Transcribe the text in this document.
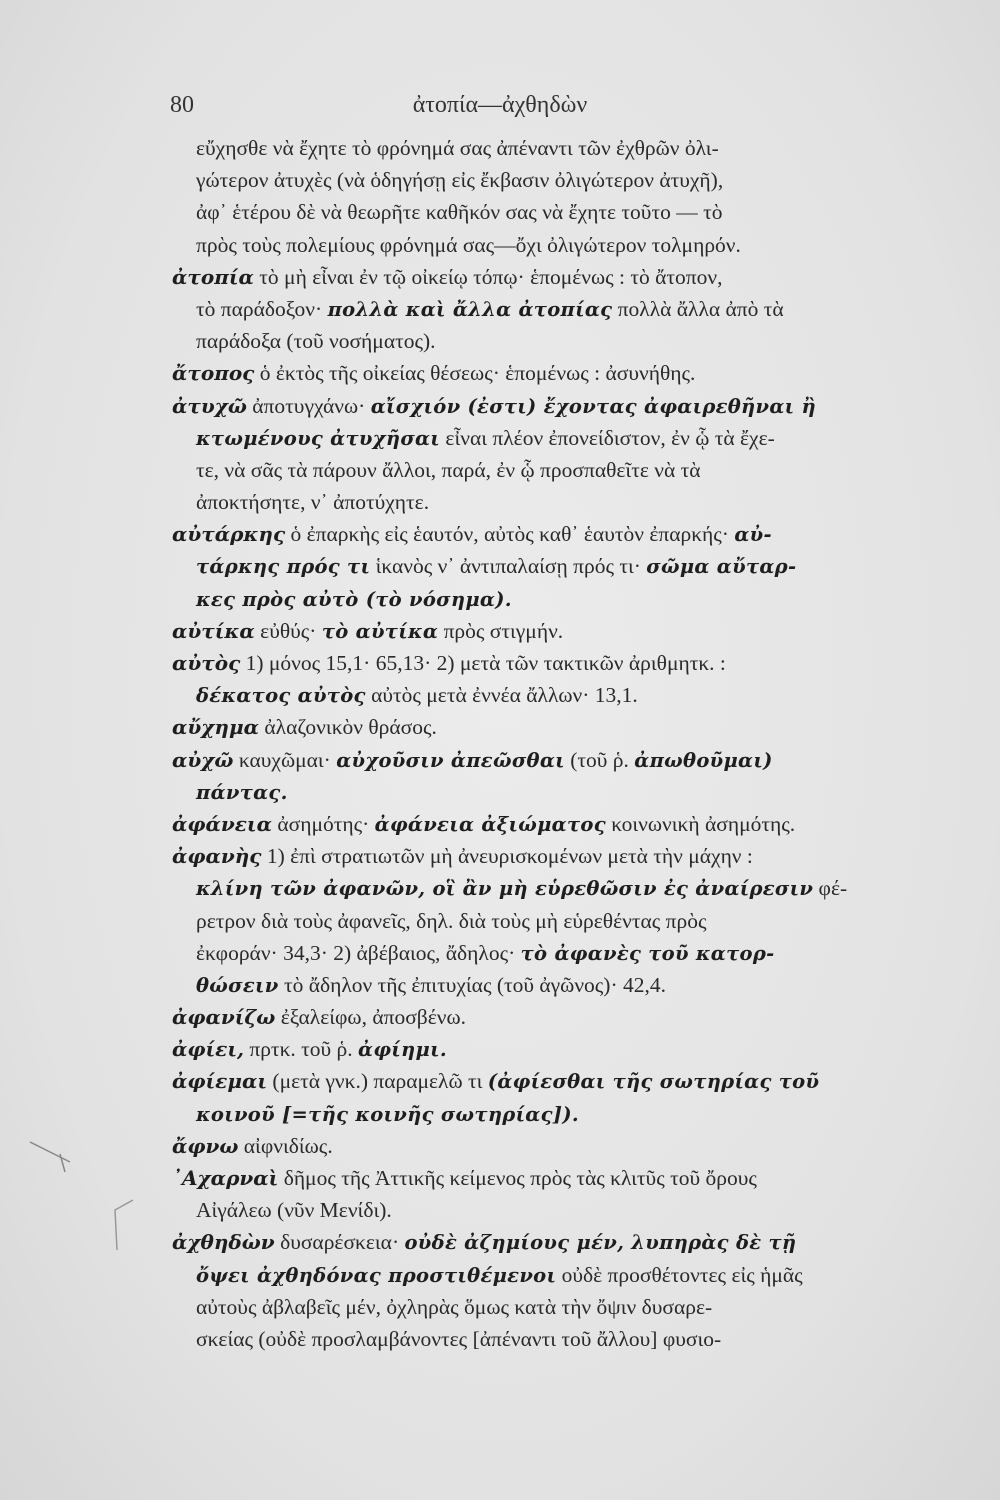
80	ἀτοπία—ἀχθηδὼν
εὔχησθε νὰ ἔχητε τὸ φρόνημά σας ἀπέναντι τῶν ἐχθρῶν ὀλι-
γώτερον ἀτυχὲς (νὰ ὁδηγήσῃ εἰς ἔκβασιν ὀλιγώτερον ἀτυχῆ),
ἀφ᾽ ἑτέρου δὲ νὰ θεωρῆτε καθῆκόν σας νὰ ἔχητε τοῦτο — τὸ
πρὸς τοὺς πολεμίους φρόνημά σας—ὄχι ὀλιγώτερον τολμηρόν.
ἀτοπία τὸ μὴ εἶναι ἐν τῷ οἰκείῳ τόπῳ· ἑπομένως : τὸ ἄτοπον,
τὸ παράδοξον· πολλὰ καὶ ἄλλα ἀτοπίας πολλὰ ἄλλα ἀπὸ τὰ
παράδοξα (τοῦ νοσήματος).
ἄτοπος ὁ ἐκτὸς τῆς οἰκείας θέσεως· ἑπομένως : ἀσυνήθης.
ἀτυχῶ ἀποτυγχάνω· αἴσχιόν (ἐστι) ἔχοντας ἀφαιρεθῆναι ἢ
κτωμένους ἀτυχῆσαι εἶναι πλέον ἐπονείδιστον, ἐν ᾧ τὰ ἔχε-
τε, νὰ σᾶς τὰ πάρουν ἄλλοι, παρά, ἐν ᾧ προσπαθεῖτε νὰ τὰ
ἀποκτήσητε, ν᾽ ἀποτύχητε.
αὐτάρκης ὁ ἐπαρκὴς εἰς ἑαυτόν, αὐτὸς καθ᾽ ἑαυτὸν ἐπαρκής· αὐ-
τάρκης πρός τι ἱκανὸς ν᾽ ἀντιπαλαίσῃ πρός τι· σῶμα αὔταρ-
κες πρὸς αὐτὸ (τὸ νόσημα).
αὐτίκα εὐθύς· τὸ αὐτίκα πρὸς στιγμήν.
αὐτὸς 1) μόνος 15,1· 65,13· 2) μετὰ τῶν τακτικῶν ἀριθμητκ. :
δέκατος αὐτὸς αὐτὸς μετὰ ἐννέα ἄλλων· 13,1.
αὔχημα ἀλαζονικὸν θράσος.
αὐχῶ καυχῶμαι· αὐχοῦσιν ἀπεῶσθαι (τοῦ ῥ. ἀπωθοῦμαι)
πάντας.
ἀφάνεια ἀσημότης· ἀφάνεια ἀξιώματος κοινωνικὴ ἀσημότης.
ἀφανὴς 1) ἐπὶ στρατιωτῶν μὴ ἀνευρισκομένων μετὰ τὴν μάχην :
κλίνη τῶν ἀφανῶν, οἳ ἂν μὴ εὑρεθῶσιν ἐς ἀναίρεσιν φέ-
ρετρον διὰ τοὺς ἀφανεῖς, δηλ. διὰ τοὺς μὴ εὑρεθέντας πρὸς
ἐκφοράν· 34,3· 2) ἀβέβαιος, ἄδηλος· τὸ ἀφανὲς τοῦ κατορ-
θώσειν τὸ ἄδηλον τῆς ἐπιτυχίας (τοῦ ἀγῶνος)· 42,4.
ἀφανίζω ἐξαλείφω, ἀποσβένω.
ἀφίει, πρτκ. τοῦ ῥ. ἀφίημι.
ἀφίεμαι (μετὰ γνκ.) παραμελῶ τι (ἀφίεσθαι τῆς σωτηρίας τοῦ
κοινοῦ [=τῆς κοινῆς σωτηρίας]).
ἄφνω αἰφνιδίως.
᾽Αχαρναὶ δῆμος τῆς Ἀττικῆς κείμενος πρὸς τὰς κλιτῦς τοῦ ὄρους
Αἰγάλεω (νῦν Μενίδι).
ἀχθηδὼν δυσαρέσκεια· οὐδὲ ἀζημίους μέν, λυπηρὰς δὲ τῇ
ὄψει ἀχθηδόνας προστιθέμενοι οὐδὲ προσθέτοντες εἰς ἡμᾶς
αὐτοὺς ἀβλαβεῖς μέν, ὀχληρὰς ὅμως κατὰ τὴν ὄψιν δυσαρε-
σκείας (οὐδὲ προσλαμβάνοντες [ἀπέναντι τοῦ ἄλλου] φυσιο-
